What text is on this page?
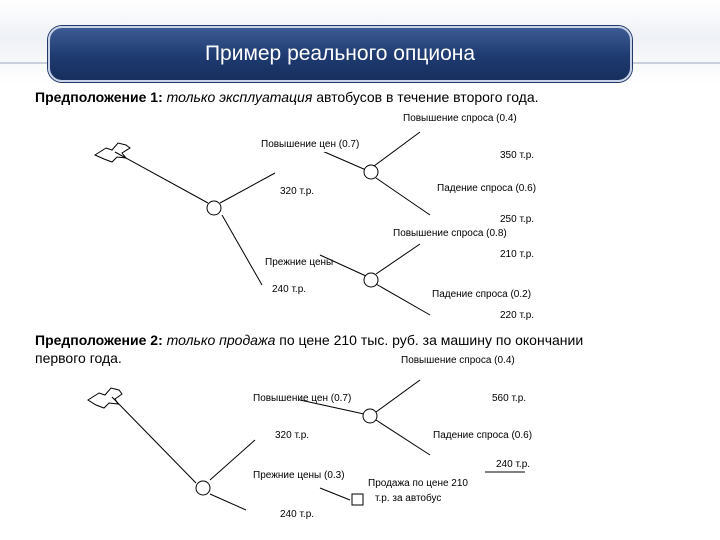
Пример реального опциона
Предположение 1: только эксплуатация автобусов в течение второго года.
Повышение спроса (0.4)
Повышение цен (0.7)
350 т.р.
320 т.р.	Падение спроса (0.6)
250 т.р.
Повышение спроса (0.8)
210 т.р.
Прежние цены
240 т.р.	Падение спроса (0.2)
220 т.р.
Предположение 2: только продажа по цене 210 тыс. руб. за машину по окончании
первого года.	Повышение спроса (0.4)
Повышение цен (0.7)	560 т.р.
320 т.р.	Падение спроса (0.6)
240 т.р.
Прежние цены (0.3)
Продажа по цене 210
т.р. за автобус
240 т.р.
